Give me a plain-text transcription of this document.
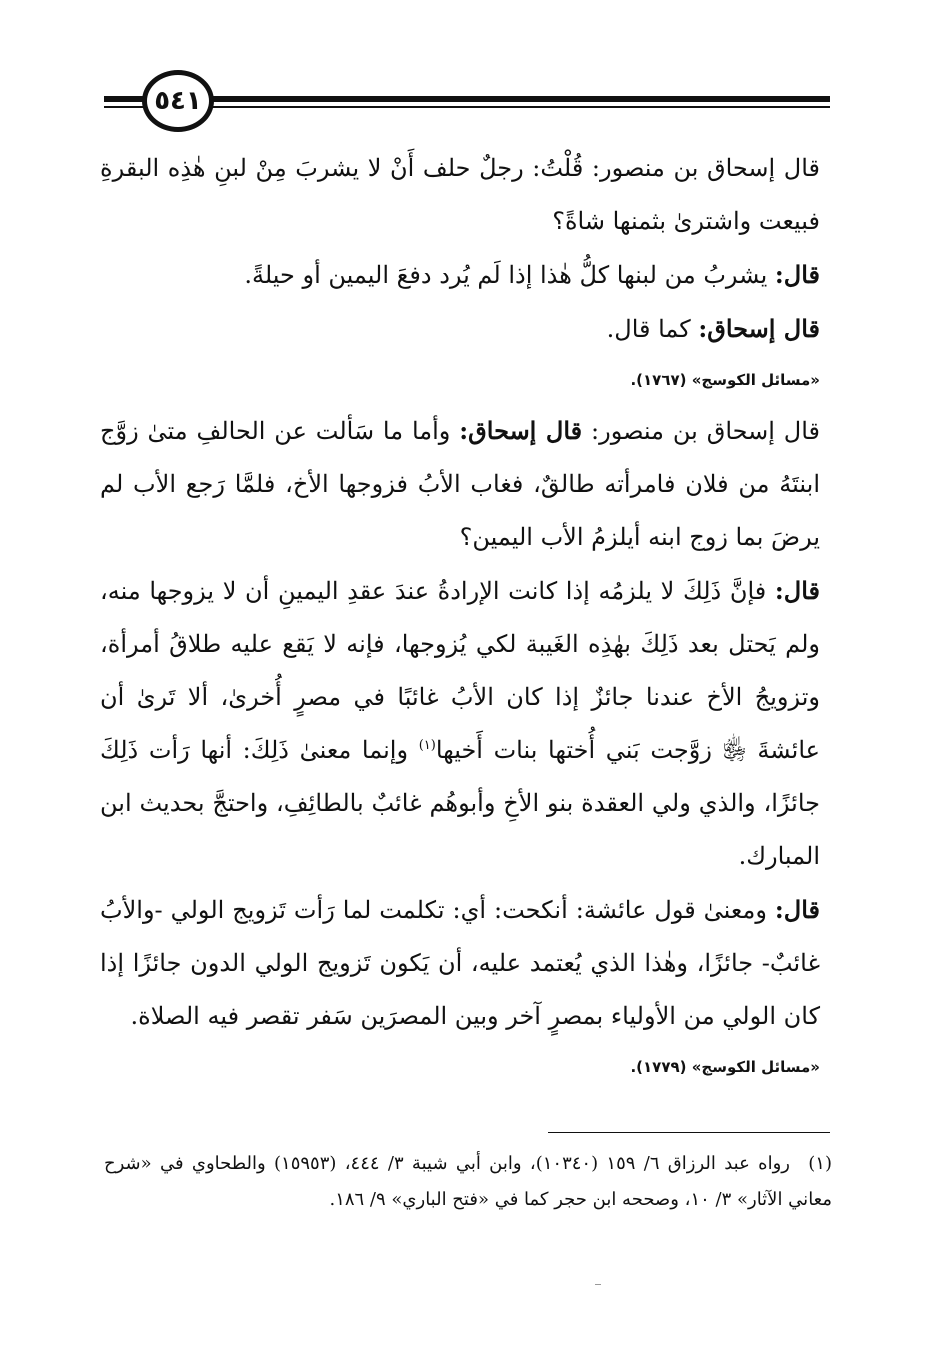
٥٤١

قال إسحاق بن منصور: قُلْتُ: رجلٌ حلف أَنْ لا يشربَ مِنْ لبنِ هٰذِه البقرةِ فبيعت واشترىٰ بثمنها شاةً؟

قال: يشربُ من لبنها كلُّ هٰذا إذا لَم يُرد دفعَ اليمين أو حيلةً.

قال إسحاق: كما قال.

«مسائل الكوسج» (١٧٦٧).

قال إسحاق بن منصور: قال إسحاق: وأما ما سَألت عن الحالفِ متىٰ زوَّج ابنتَهُ من فلان فامرأته طالقٌ، فغاب الأبُ فزوجها الأخ، فلمَّا رَجع الأب لم يرضَ بما زوج ابنه أيلزمُ الأب اليمين؟

قال: فإنَّ ذَلِكَ لا يلزمُه إذا كانت الإرادةُ عندَ عقدِ اليمينِ أن لا يزوجها منه، ولم يَحتل بعد ذَلِكَ بهٰذِه الغَيبة لكي يُزوجها، فإنه لا يَقع عليه طلاقُ أمرأة، وتزويجُ الأخ عندنا جائزٌ إذا كان الأبُ غائبًا في مصرٍ أُخرىٰ، ألا تَرىٰ أن عائشةَ ﵂ زوَّجت بَني أُختها بنات أَخيها$^{(١)}$ وإنما معنىٰ ذَلِكَ: أنها رَأت ذَلِكَ جائزًا، والذي ولي العقدة بنو الأخِ وأبوهُم غائبٌ بالطائِفِ، واحتجَّ بحديث ابن المبارك.

قال: ومعنىٰ قول عائشة: أنكحت: أي: تكلمت لما رَأت تَزويج الولي -والأبُ غائبٌ- جائزًا، وهٰذا الذي يُعتمد عليه، أن يَكون تَزويج الولي الدون جائزًا إذا كان الولي من الأولياء بمصرٍ آخر وبين المصرَين سَفر تقصر فيه الصلاة.

«مسائل الكوسج» (١٧٧٩).
(١) رواه عبد الرزاق ٦/ ١٥٩ (١٠٣٤٠)، وابن أبي شيبة ٣/ ٤٤٤، (١٥٩٥٣) والطحاوي في «شرح معاني الآثار» ٣/ ١٠، وصححه ابن حجر كما في «فتح الباري» ٩/ ١٨٦.
